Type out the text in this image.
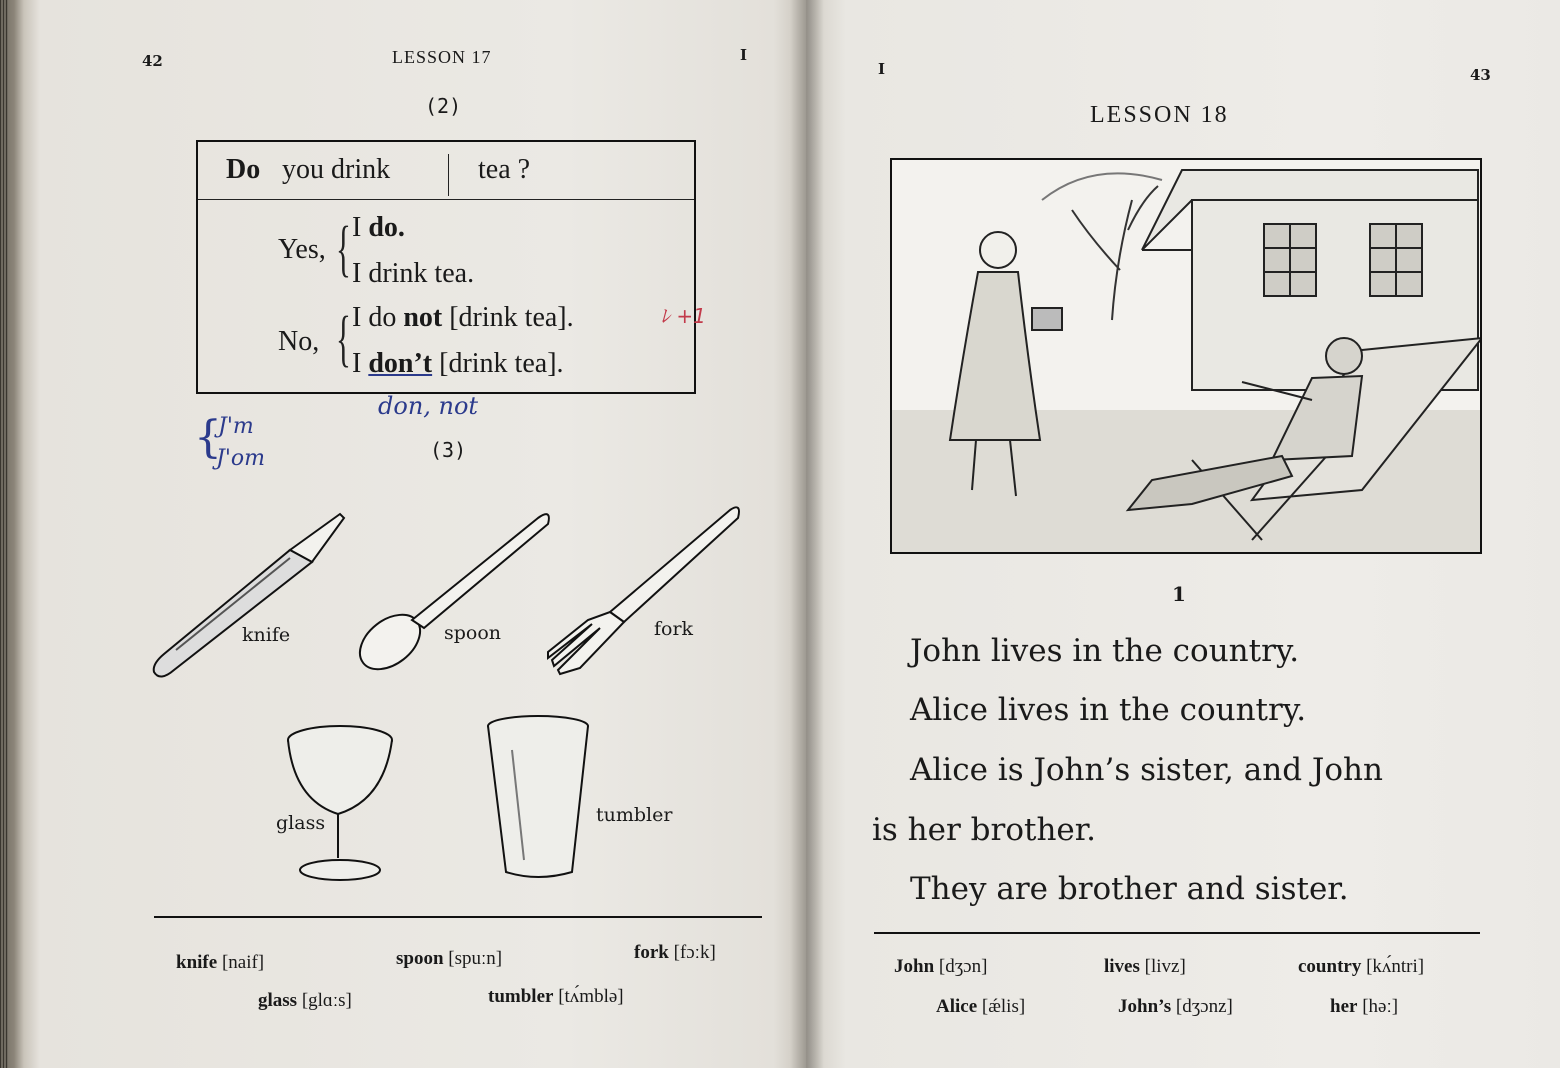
42	LESSON 17	I
(2)
Do you drink	tea ?
Yes, { I do.
I drink tea.
No, { I do not [drink tea].
I don’t [drink tea].
ﾚ +1
don, not
{
J'm
J'om	(3)
knife	spoon	fork
glass	tumbler
knife [naif]	spoon [spuːn]	fork [fɔːk]
glass [glɑːs]	tumbler [tʌ́mblə]
I	43
LESSON 18
1
John lives in the country.
Alice lives in the country.
Alice is John’s sister, and John
is her brother.
They are brother and sister.
John [dʒɔn]	lives [livz]	country [kʌ́ntri]
Alice [ǽlis]	John’s [dʒɔnz]	her [həː]
